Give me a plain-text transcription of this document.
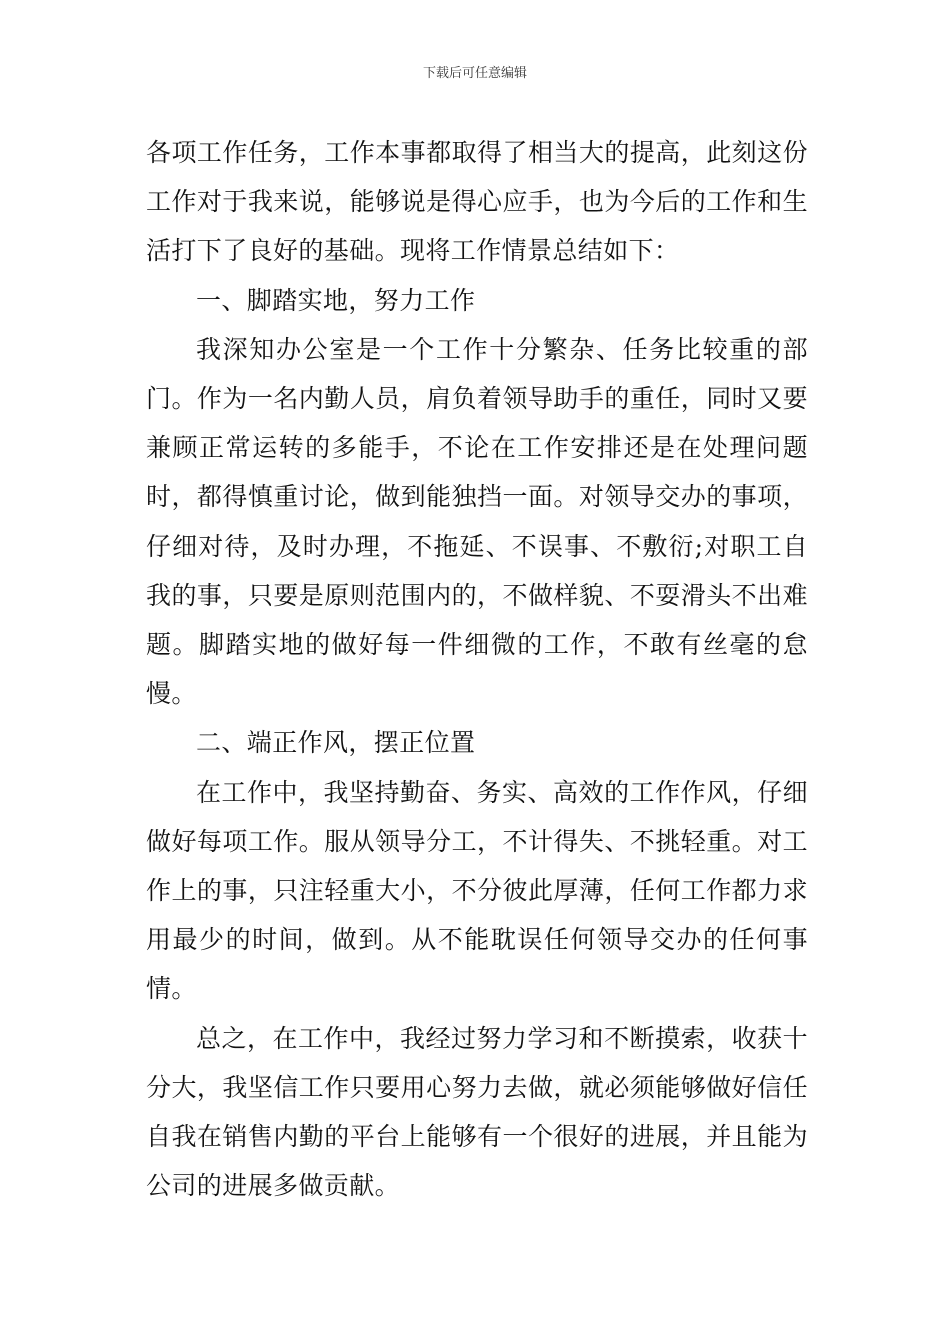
下载后可任意编辑

各项工作任务，工作本事都取得了相当大的提高，此刻这份工作对于我来说，能够说是得心应手，也为今后的工作和生活打下了良好的基础。现将工作情景总结如下：

一、脚踏实地，努力工作

我深知办公室是一个工作十分繁杂、任务比较重的部门。作为一名内勤人员，肩负着领导助手的重任，同时又要兼顾正常运转的多能手，不论在工作安排还是在处理问题时，都得慎重讨论，做到能独挡一面。对领导交办的事项，仔细对待，及时办理，不拖延、不误事、不敷衍;对职工自我的事，只要是原则范围内的，不做样貌、不耍滑头不出难题。脚踏实地的做好每一件细微的工作，不敢有丝毫的怠慢。

二、端正作风，摆正位置

在工作中，我坚持勤奋、务实、高效的工作作风，仔细做好每项工作。服从领导分工，不计得失、不挑轻重。对工作上的事，只注轻重大小，不分彼此厚薄，任何工作都力求用最少的时间，做到。从不能耽误任何领导交办的任何事情。

总之，在工作中，我经过努力学习和不断摸索，收获十分大，我坚信工作只要用心努力去做，就必须能够做好信任自我在销售内勤的平台上能够有一个很好的进展，并且能为公司的进展多做贡献。
